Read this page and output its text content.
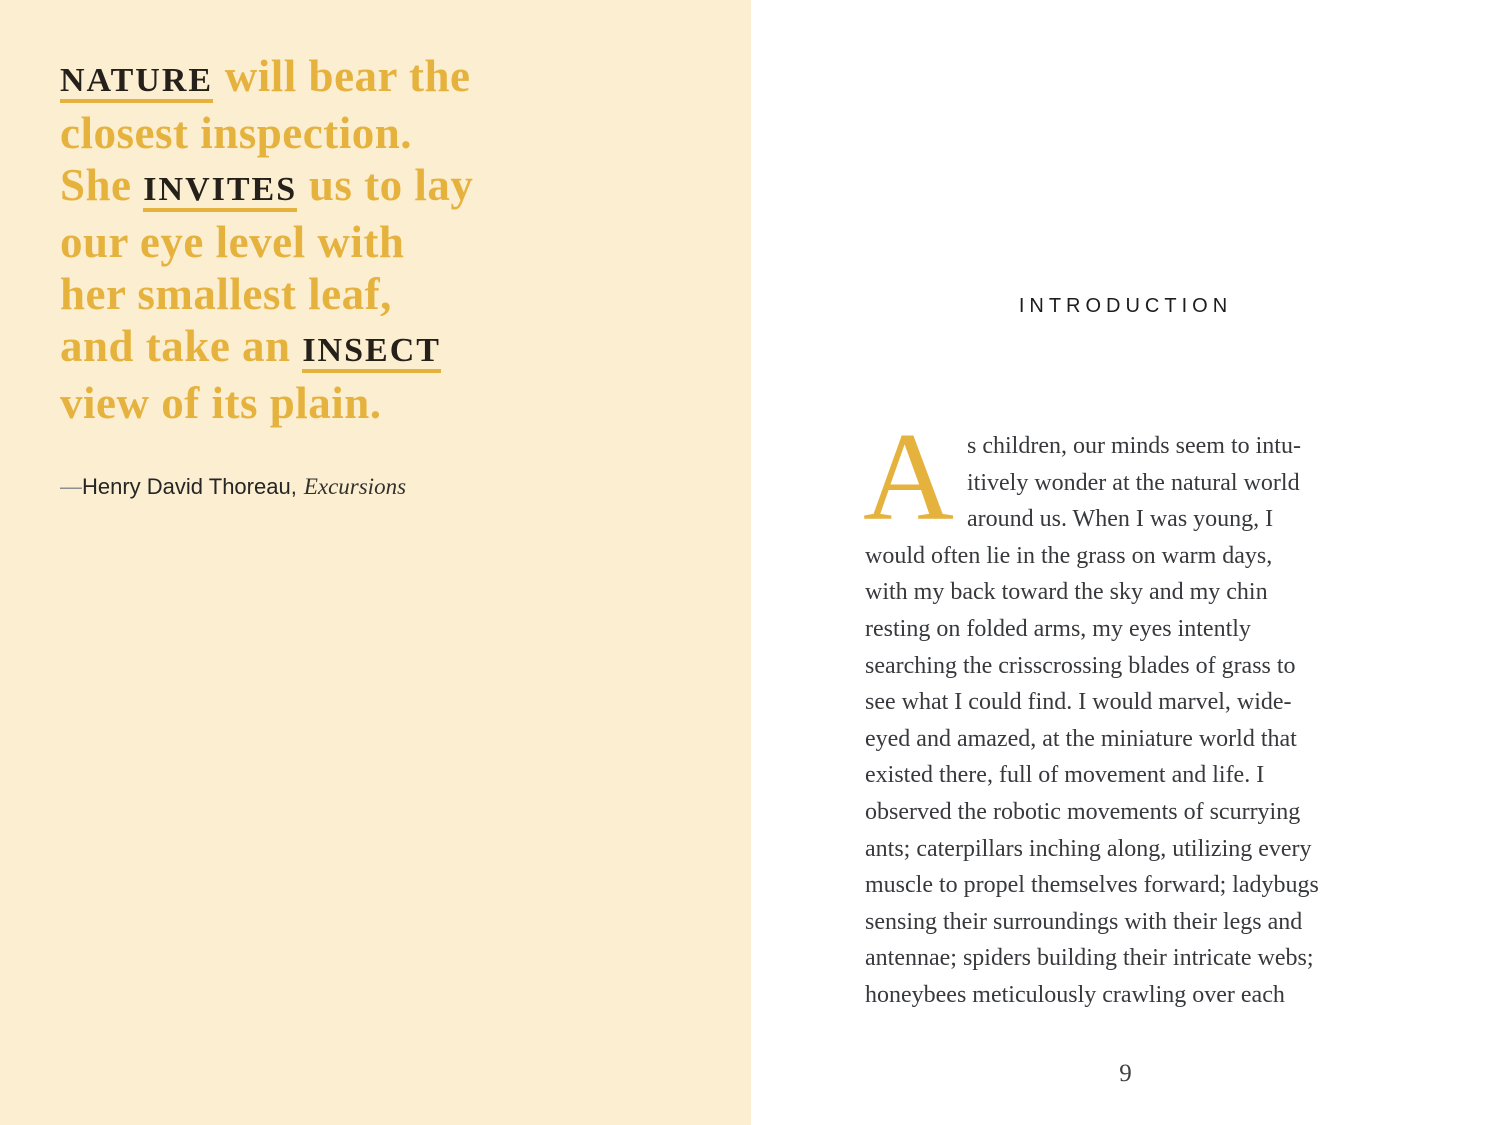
NATURE will bear the
closest inspection.
She INVITES us to lay
our eye level with
her smallest leaf,
and take an INSECT
view of its plain.
—Henry David Thoreau, Excursions
INTRODUCTION
A s children, our minds seem to intu-
itively wonder at the natural world
around us. When I was young, I
would often lie in the grass on warm days,
with my back toward the sky and my chin
resting on folded arms, my eyes intently
searching the crisscrossing blades of grass to
see what I could find. I would marvel, wide-
eyed and amazed, at the miniature world that
existed there, full of movement and life. I
observed the robotic movements of scurrying
ants; caterpillars inching along, utilizing every
muscle to propel themselves forward; ladybugs
sensing their surroundings with their legs and
antennae; spiders building their intricate webs;
honeybees meticulously crawling over each
9
